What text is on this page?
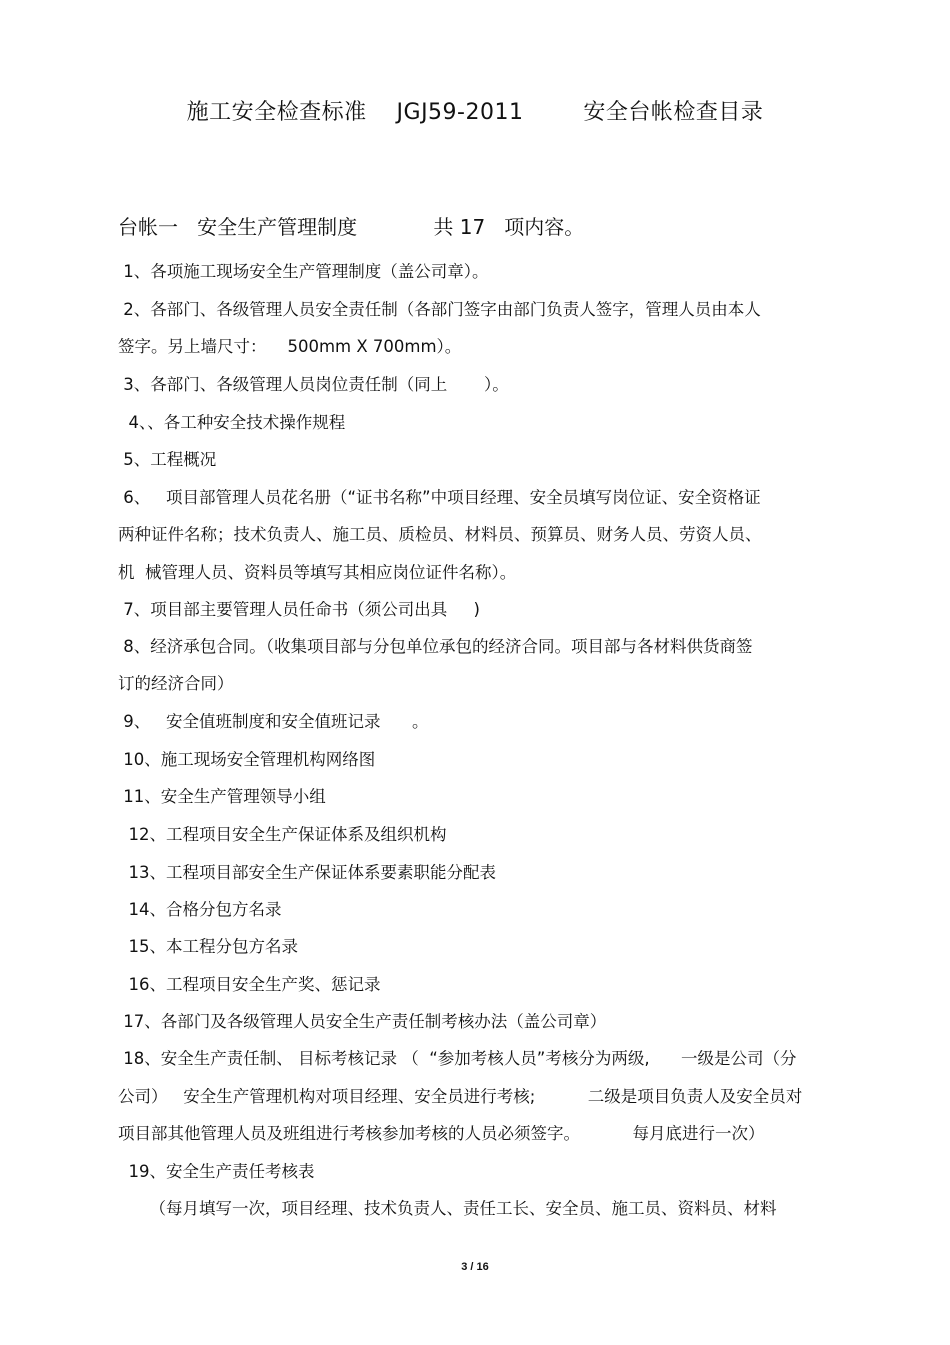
施工安全检查标准    JGJ59-2011        安全台帐检查目录
台帐一   安全生产管理制度            共 17   项内容。
1、各项施工现场安全生产管理制度（盖公司章）。
2、各部门、各级管理人员安全责任制（各部门签字由部门负责人签字，管理人员由本人
签字。另上墙尺寸：    500mm X 700mm）。
3、各部门、各级管理人员岗位责任制（同上       ）。
4、、各工种安全技术操作规程
5、工程概况
6、   项目部管理人员花名册（“证书名称”中项目经理、安全员填写岗位证、安全资格证
两种证件名称；技术负责人、施工员、质检员、材料员、预算员、财务人员、劳资人员、
机  械管理人员、资料员等填写其相应岗位证件名称）。
7、项目部主要管理人员任命书（须公司出具     )
8、经济承包合同。（收集项目部与分包单位承包的经济合同。项目部与各材料供货商签
订的经济合同）
9、   安全值班制度和安全值班记录      。
10、施工现场安全管理机构网络图
11、安全生产管理领导小组
12、工程项目安全生产保证体系及组织机构
13、工程项目部安全生产保证体系要素职能分配表
14、合格分包方名录
15、本工程分包方名录
16、工程项目安全生产奖、惩记录
17、各部门及各级管理人员安全生产责任制考核办法（盖公司章）
18、安全生产责任制、 目标考核记录 （  “参加考核人员”考核分为两级,      一级是公司（分
公司）   安全生产管理机构对项目经理、安全员进行考核;          二级是项目负责人及安全员对
项目部其他管理人员及班组进行考核参加考核的人员必须签字。          每月底进行一次）
19、安全生产责任考核表
（每月填写一次，项目经理、技术负责人、责任工长、安全员、施工员、资料员、材料
3 / 16
